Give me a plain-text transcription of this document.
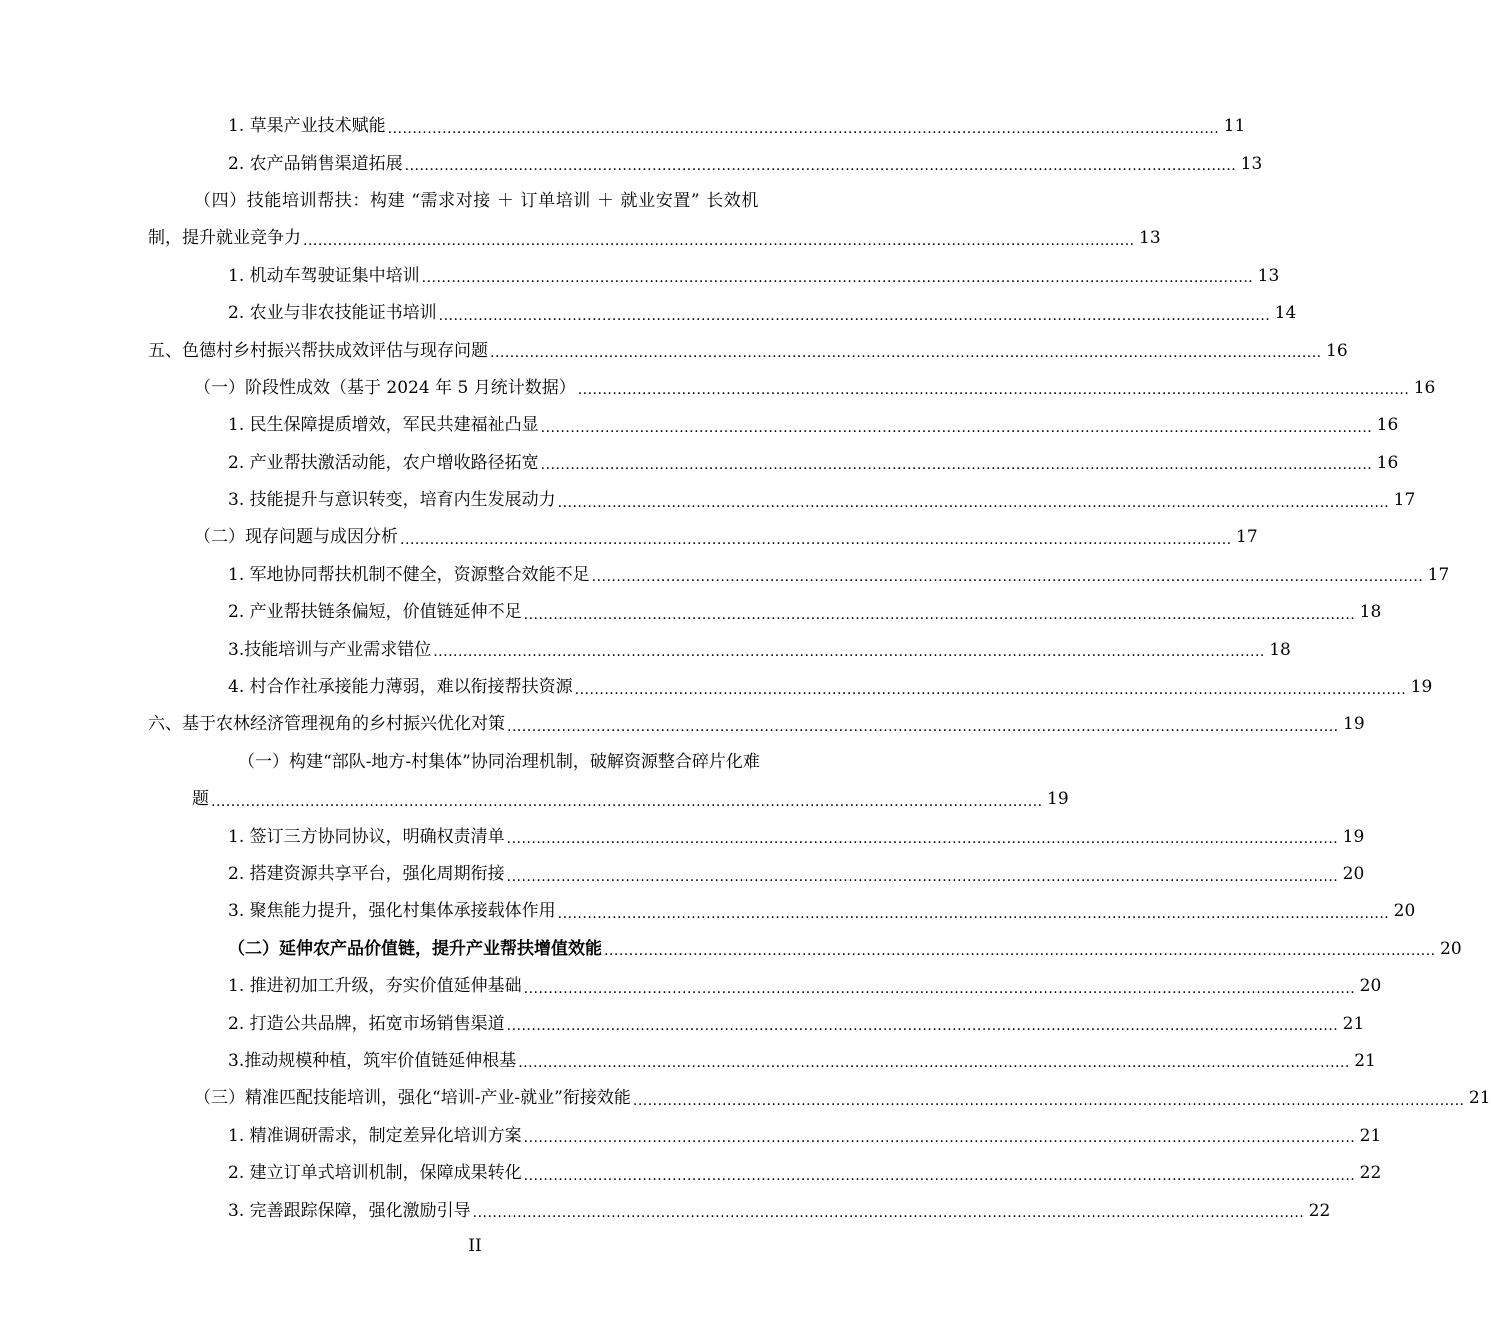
1. 草果产业技术赋能 ........................................................................................................................................................................ 11
2. 农产品销售渠道拓展 ........................................................................................................................................................................ 13
（四）技能培训帮扶：构建 “需求对接 ＋ 订单培训 ＋ 就业安置” 长效机
制，提升就业竞争力 ........................................................................................................................................................................ 13
1. 机动车驾驶证集中培训 ........................................................................................................................................................................ 13
2. 农业与非农技能证书培训 ........................................................................................................................................................................ 14
五、色德村乡村振兴帮扶成效评估与现存问题 ........................................................................................................................................................................ 16
（一）阶段性成效（基于 2024 年 5 月统计数据） ........................................................................................................................................................................ 16
1. 民生保障提质增效，军民共建福祉凸显 ........................................................................................................................................................................ 16
2. 产业帮扶激活动能，农户增收路径拓宽 ........................................................................................................................................................................ 16
3. 技能提升与意识转变，培育内生发展动力 ........................................................................................................................................................................ 17
（二）现存问题与成因分析 ........................................................................................................................................................................ 17
1. 军地协同帮扶机制不健全，资源整合效能不足 ........................................................................................................................................................................ 17
2. 产业帮扶链条偏短，价值链延伸不足 ........................................................................................................................................................................ 18
3.技能培训与产业需求错位 ........................................................................................................................................................................ 18
4. 村合作社承接能力薄弱，难以衔接帮扶资源 ........................................................................................................................................................................ 19
六、 基于农林经济管理视角的乡村振兴优化对策 ........................................................................................................................................................................ 19
（一）构建“部队-地方-村集体”协同治理机制，破解资源整合碎片化难
题 ........................................................................................................................................................................ 19
1. 签订三方协同协议，明确权责清单 ........................................................................................................................................................................ 19
2. 搭建资源共享平台，强化周期衔接 ........................................................................................................................................................................ 20
3. 聚焦能力提升，强化村集体承接载体作用 ........................................................................................................................................................................ 20
（二）延伸农产品价值链，提升产业帮扶增值效能 ........................................................................................................................................................................ 20
1. 推进初加工升级，夯实价值延伸基础 ........................................................................................................................................................................ 20
2. 打造公共品牌，拓宽市场销售渠道 ........................................................................................................................................................................ 21
3.推动规模种植，筑牢价值链延伸根基 ........................................................................................................................................................................ 21
（三）精准匹配技能培训，强化“培训-产业-就业”衔接效能 ........................................................................................................................................................................ 21
1. 精准调研需求，制定差异化培训方案 ........................................................................................................................................................................ 21
2. 建立订单式培训机制，保障成果转化 ........................................................................................................................................................................ 22
3. 完善跟踪保障，强化激励引导 ........................................................................................................................................................................ 22
II
